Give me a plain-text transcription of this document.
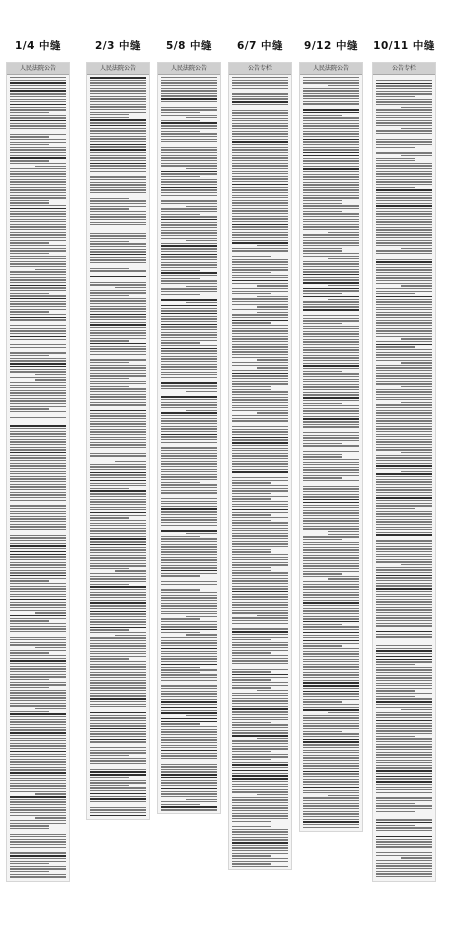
1/4 中缝
人民法院公告
2/3 中缝
人民法院公告
5/8 中缝
人民法院公告
6/7 中缝
公告专栏
9/12 中缝
人民法院公告
10/11 中缝
公告专栏
